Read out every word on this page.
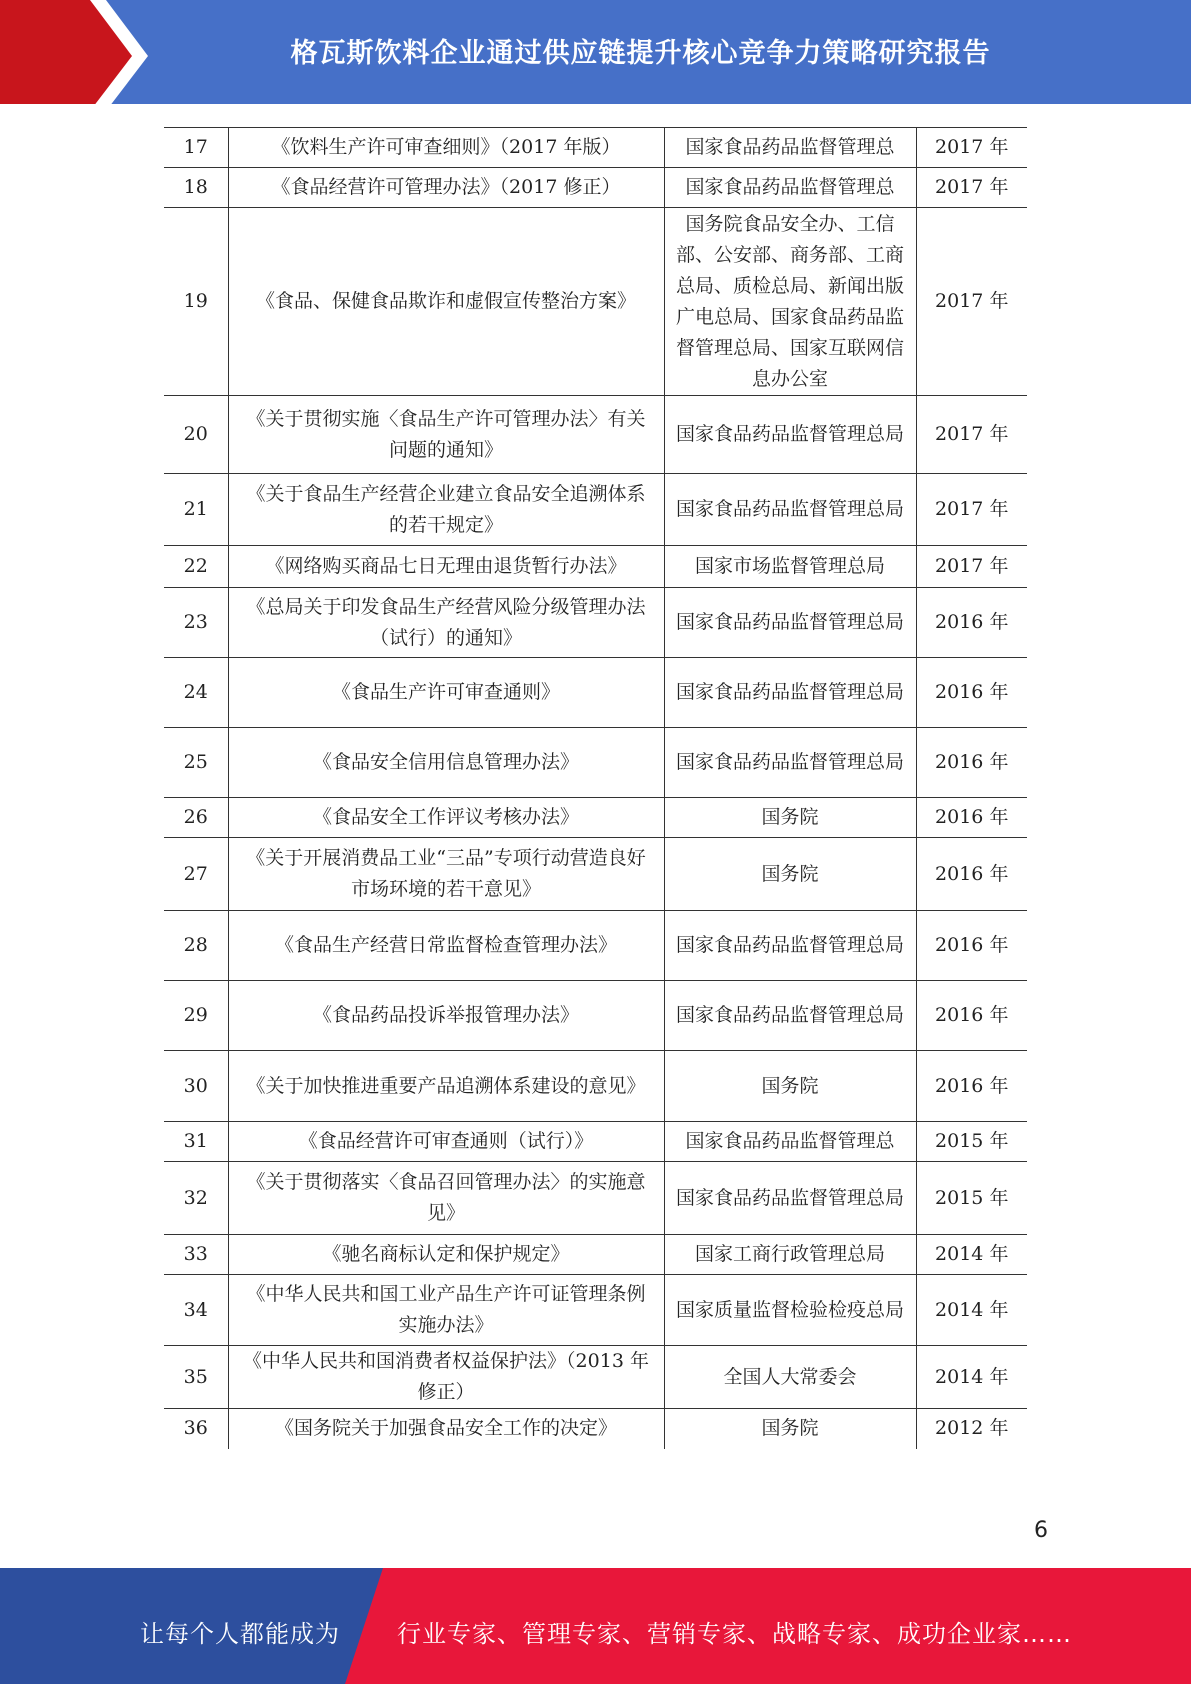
格瓦斯饮料企业通过供应链提升核心竞争力策略研究报告
17	《饮料生产许可审查细则》（2017 年版）	国家食品药品监督管理总	2017 年
18	《食品经营许可管理办法》（2017 修正）	国家食品药品监督管理总	2017 年
19	《食品、保健食品欺诈和虚假宣传整治方案》	国务院食品安全办、工信部、公安部、商务部、工商总局、质检总局、新闻出版广电总局、国家食品药品监督管理总局、国家互联网信息办公室	2017 年
20	《关于贯彻实施〈食品生产许可管理办法〉有关问题的通知》	国家食品药品监督管理总局	2017 年
21	《关于食品生产经营企业建立食品安全追溯体系的若干规定》	国家食品药品监督管理总局	2017 年
22	《网络购买商品七日无理由退货暂行办法》	国家市场监督管理总局	2017 年
23	《总局关于印发食品生产经营风险分级管理办法（试行）的通知》	国家食品药品监督管理总局	2016 年
24	《食品生产许可审查通则》	国家食品药品监督管理总局	2016 年
25	《食品安全信用信息管理办法》	国家食品药品监督管理总局	2016 年
26	《食品安全工作评议考核办法》	国务院	2016 年
27	《关于开展消费品工业“三品”专项行动营造良好市场环境的若干意见》	国务院	2016 年
28	《食品生产经营日常监督检查管理办法》	国家食品药品监督管理总局	2016 年
29	《食品药品投诉举报管理办法》	国家食品药品监督管理总局	2016 年
30	《关于加快推进重要产品追溯体系建设的意见》	国务院	2016 年
31	《食品经营许可审查通则（试行）》	国家食品药品监督管理总	2015 年
32	《关于贯彻落实〈食品召回管理办法〉的实施意见》	国家食品药品监督管理总局	2015 年
33	《驰名商标认定和保护规定》	国家工商行政管理总局	2014 年
34	《中华人民共和国工业产品生产许可证管理条例实施办法》	国家质量监督检验检疫总局	2014 年
35	《中华人民共和国消费者权益保护法》（2013 年修正）	全国人大常委会	2014 年
36	《国务院关于加强食品安全工作的决定》	国务院	2012 年
6
让每个人都能成为 行业专家、管理专家、营销专家、战略专家、成功企业家……
